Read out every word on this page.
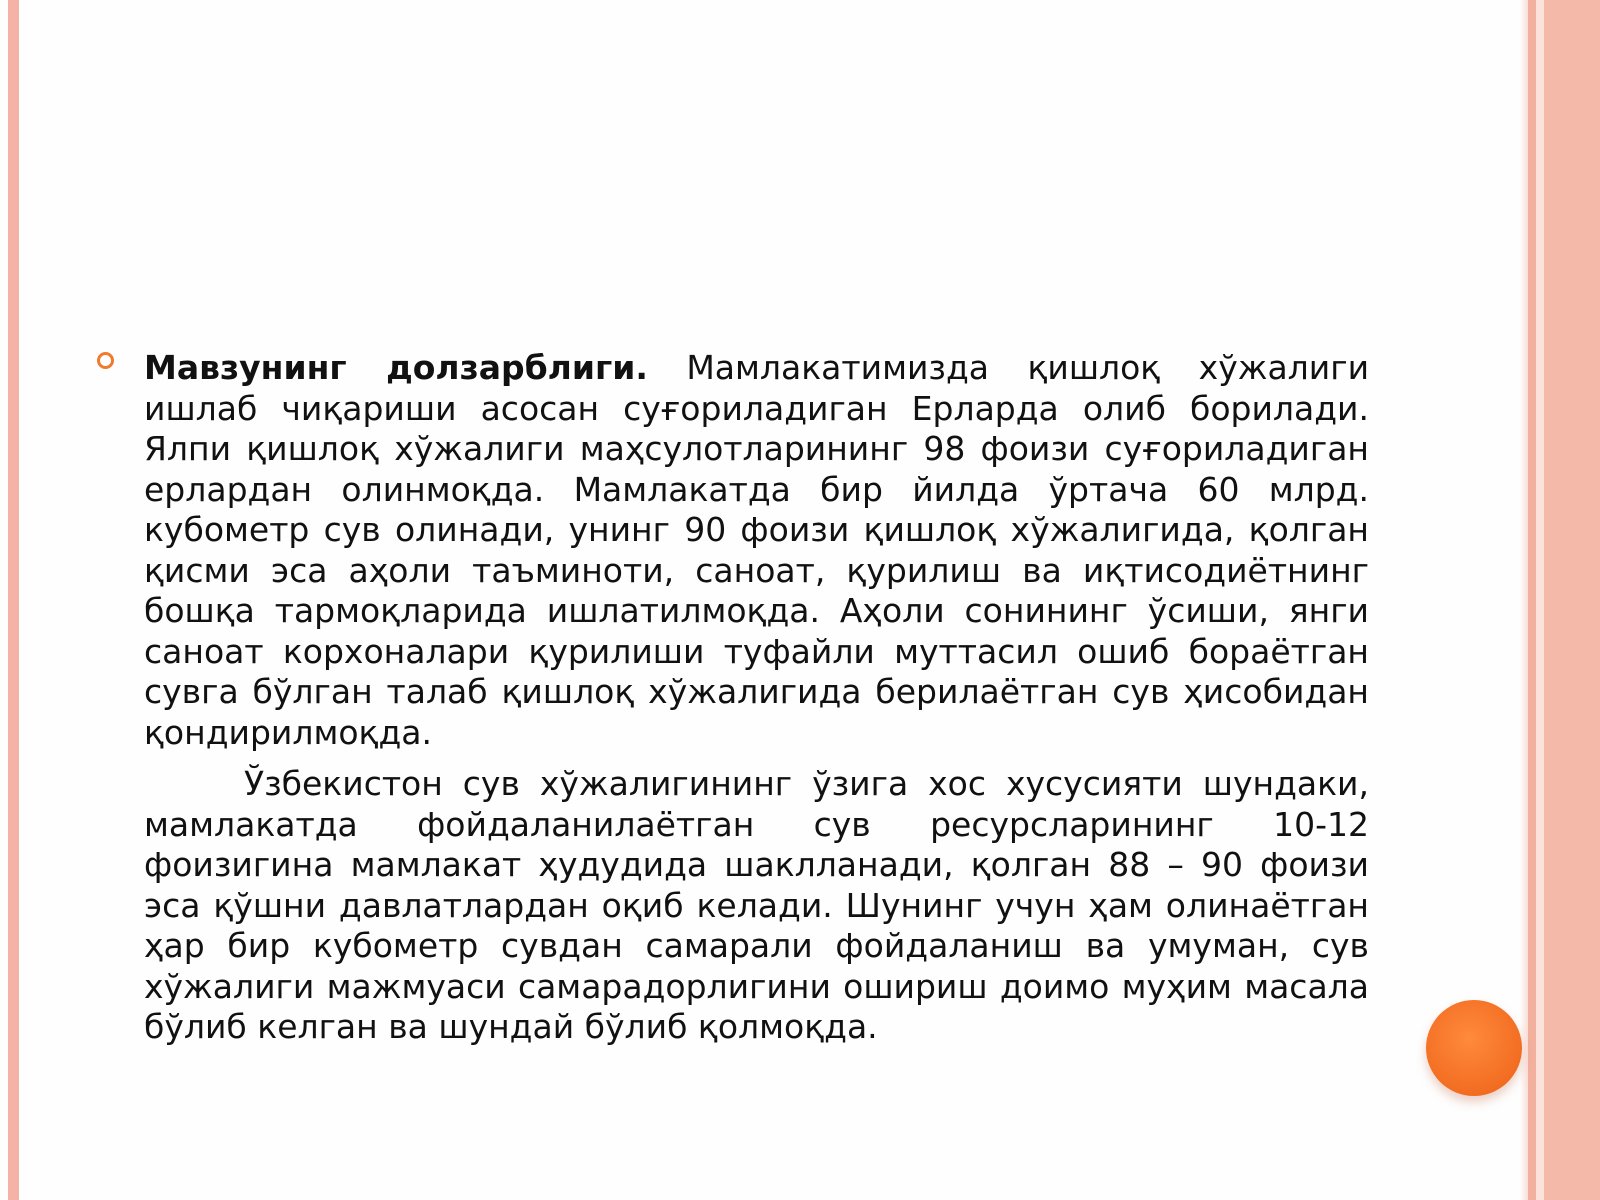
Мавзунинг долзарблиги. Мамлакатимизда қишлоқ хўжалиги ишлаб чиқариши асосан суғориладиган Ерларда олиб борилади. Ялпи қишлоқ хўжалиги маҳсулотларининг 98 фоизи суғориладиган ерлардан олинмоқда. Мамлакатда бир йилда ўртача 60 млрд. кубометр сув олинади, унинг 90 фоизи қишлоқ хўжалигида, қолган қисми эса аҳоли таъминоти, саноат, қурилиш ва иқтисодиётнинг бошқа тармоқларида ишлатилмоқда. Аҳоли сонининг ўсиши, янги саноат корхоналари қурилиши туфайли муттасил ошиб бораётган сувга бўлган талаб қишлоқ хўжалигида берилаётган сув ҳисобидан қондирилмоқда.

Ўзбекистон сув хўжалигининг ўзига хос хусусияти шундаки, мамлакатда фойдаланилаётган сув ресурсларининг 10-12 фоизигина мамлакат ҳудудида шаклланади, қолган 88 – 90 фоизи эса қўшни давлатлардан оқиб келади. Шунинг учун ҳам олинаётган ҳар бир кубометр сувдан самарали фойдаланиш ва умуман, сув хўжалиги мажмуаси самарадорлигини ошириш доимо муҳим масала бўлиб келган ва шундай бўлиб қолмоқда.
